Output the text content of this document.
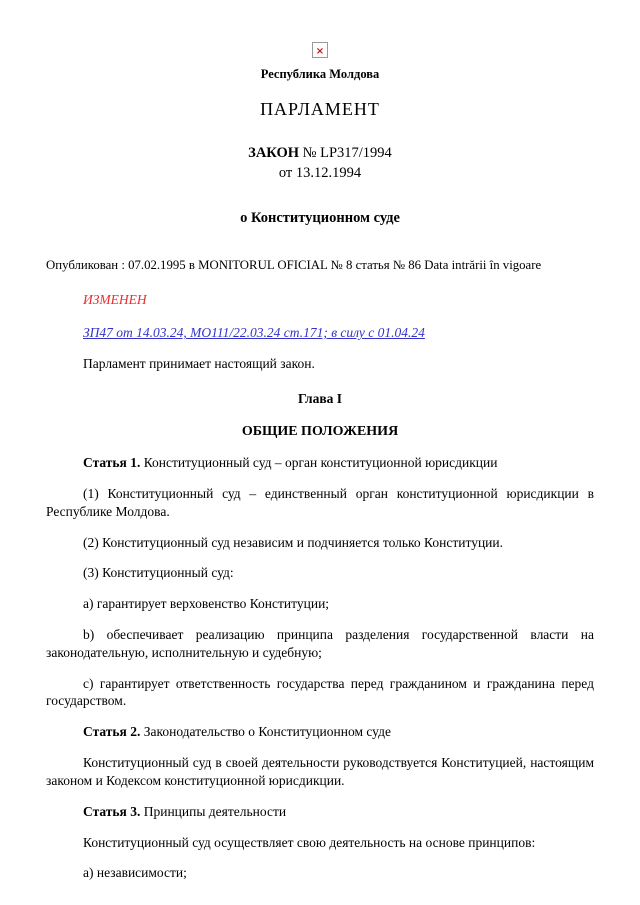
×
Республика Молдова
ПАРЛАМЕНТ
ЗАКОН № LP317/1994
от 13.12.1994
о Конституционном суде

Опубликован : 07.02.1995 в MONITORUL OFICIAL № 8 статья № 86 Data intrării în vigoare

ИЗМЕНЕН

ЗП47 от 14.03.24, МО111/22.03.24 ст.171; в силу с 01.04.24

Парламент принимает настоящий закон.

Глава I
ОБЩИЕ ПОЛОЖЕНИЯ

Статья 1. Конституционный суд – орган конституционной юрисдикции

(1) Конституционный суд – единственный орган конституционной юрисдикции в Республике Молдова.

(2) Конституционный суд независим и подчиняется только Конституции.

(3) Конституционный суд:

а) гарантирует верховенство Конституции;

b) обеспечивает реализацию принципа разделения государственной власти на законодательную, исполнительную и судебную;

с) гарантирует ответственность государства перед гражданином и гражданина перед государством.

Статья 2. Законодательство о Конституционном суде

Конституционный суд в своей деятельности руководствуется Конституцией, настоящим законом и Кодексом конституционной юрисдикции.

Статья 3. Принципы деятельности

Конституционный суд осуществляет свою деятельность на основе принципов:

а) независимости;
